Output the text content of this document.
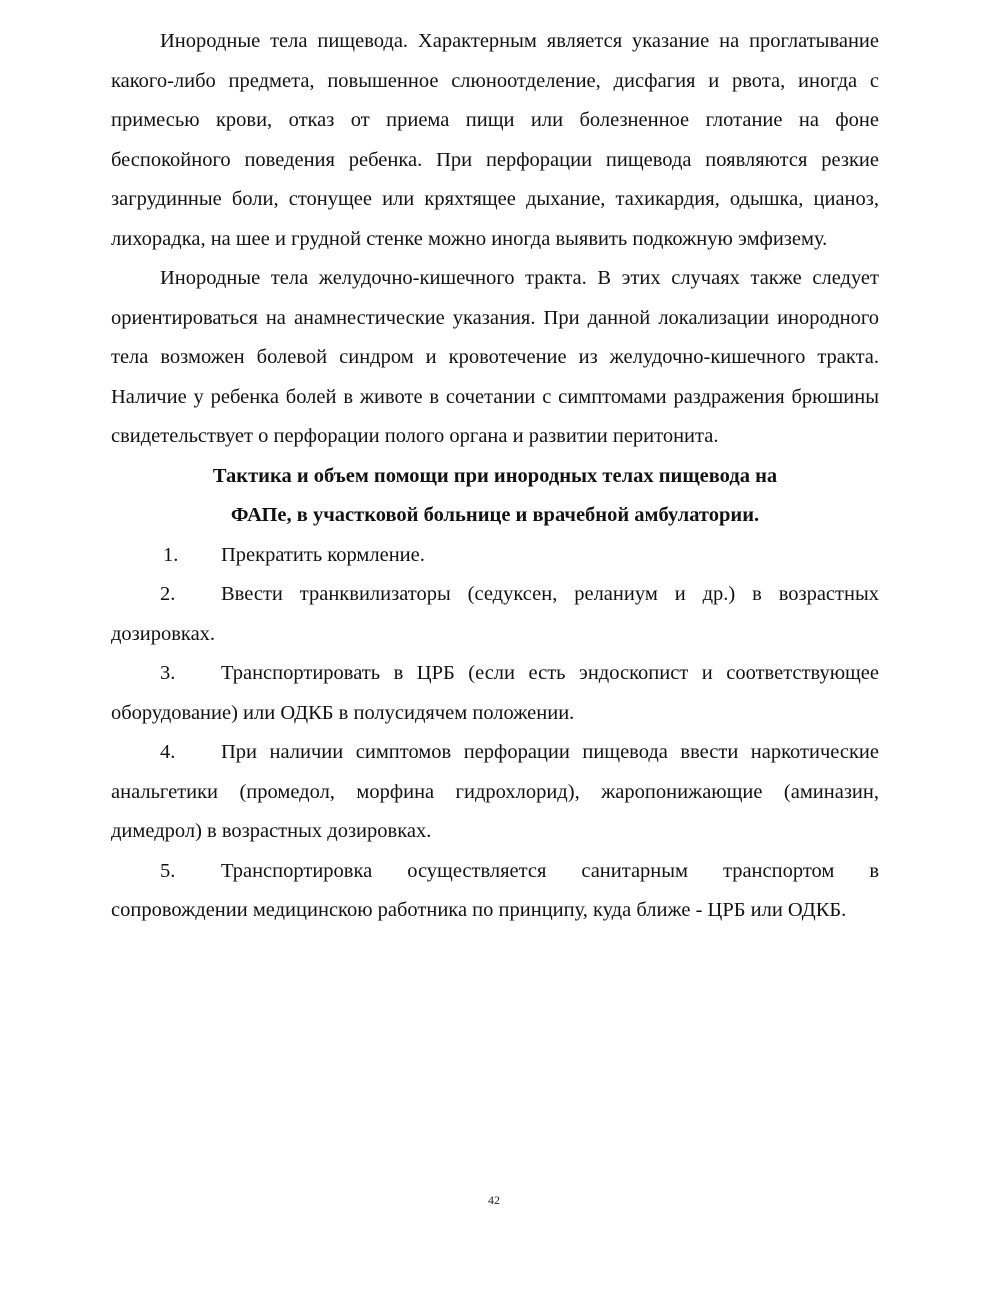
Инородные тела пищевода. Характерным является указание на проглатывание какого-либо предмета, повышенное слюноотделение, дисфагия и рвота, иногда с примесью крови, отказ от приема пищи или болезненное глотание на фоне беспокойного поведения ребенка. При перфорации пищевода появляются резкие загрудинные боли, стонущее или кряхтящее дыхание, тахикардия, одышка, цианоз, лихорадка, на шее и грудной стенке можно иногда выявить подкожную эмфизему.

Инородные тела желудочно-кишечного тракта. В этих случаях также следует ориентироваться на анамнестические указания. При данной локализации инородного тела возможен болевой синдром и кровотечение из желудочно-кишечного тракта. Наличие у ребенка болей в животе в сочетании с симптомами раздражения брюшины свидетельствует о перфорации полого органа и развитии перитонита.

Тактика и объем помощи при инородных телах пищевода на
ФАПе, в участковой больнице и врачебной амбулатории.

1. Прекратить кормление.

2. Ввести транквилизаторы (седуксен, реланиум и др.) в возрастных дозировках.

3. Транспортировать в ЦРБ (если есть эндоскопист и соответствующее оборудование) или ОДКБ в полусидячем положении.

4. При наличии симптомов перфорации пищевода ввести наркотические анальгетики (промедол, морфина гидрохлорид), жаропонижающие (аминазин, димедрол) в возрастных дозировках.

5. Транспортировка осуществляется санитарным транспортом в сопровождении медицинскою работника по принципу, куда ближе - ЦРБ или ОДКБ.

42
